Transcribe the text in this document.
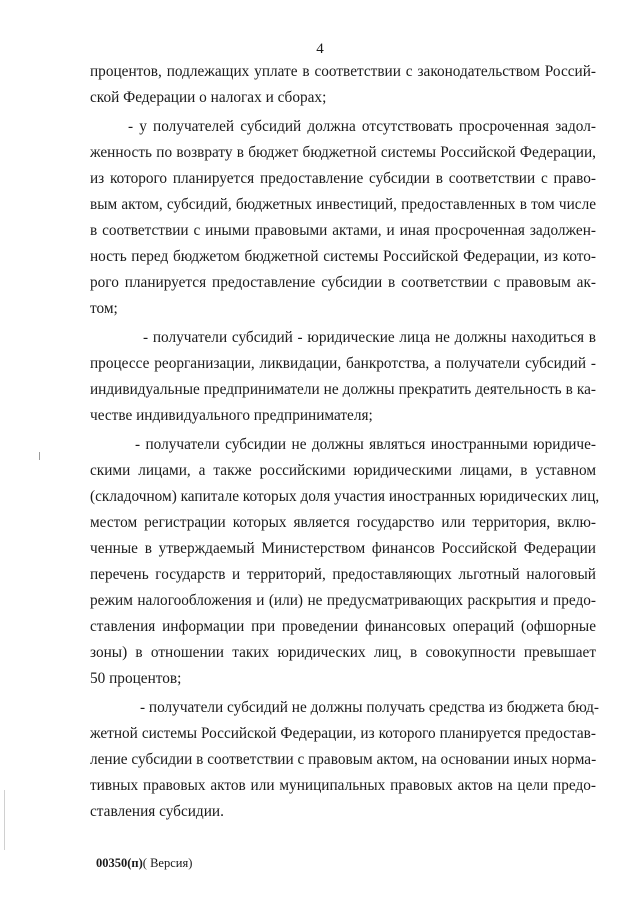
4
процентов, подлежащих уплате в соответствии с законодательством Россий-
ской Федерации о налогах и сборах;
- у получателей субсидий должна отсутствовать просроченная задол-
женность по возврату в бюджет бюджетной системы Российской Федерации,
из которого планируется предоставление субсидии в соответствии с право-
вым актом, субсидий, бюджетных инвестиций, предоставленных в том числе
в соответствии с иными правовыми актами, и иная просроченная задолжен-
ность перед бюджетом бюджетной системы Российской Федерации, из кото-
рого планируется предоставление субсидии в соответствии с правовым ак-
том;
- получатели субсидий - юридические лица не должны находиться в
процессе реорганизации, ликвидации, банкротства, а получатели субсидий -
индивидуальные предприниматели не должны прекратить деятельность в ка-
честве индивидуального предпринимателя;
- получатели субсидии не должны являться иностранными юридиче-
скими лицами, а также российскими юридическими лицами, в уставном
(складочном) капитале которых доля участия иностранных юридических лиц,
местом регистрации которых является государство или территория, вклю-
ченные в утверждаемый Министерством финансов Российской Федерации
перечень государств и территорий, предоставляющих льготный налоговый
режим налогообложения и (или) не предусматривающих раскрытия и предо-
ставления информации при проведении финансовых операций (офшорные
зоны) в отношении таких юридических лиц, в совокупности превышает
50 процентов;
- получатели субсидий не должны получать средства из бюджета бюд-
жетной системы Российской Федерации, из которого планируется предостав-
ление субсидии в соответствии с правовым актом, на основании иных норма-
тивных правовых актов или муниципальных правовых актов на цели предо-
ставления субсидии.
00350(п)( Версия)
